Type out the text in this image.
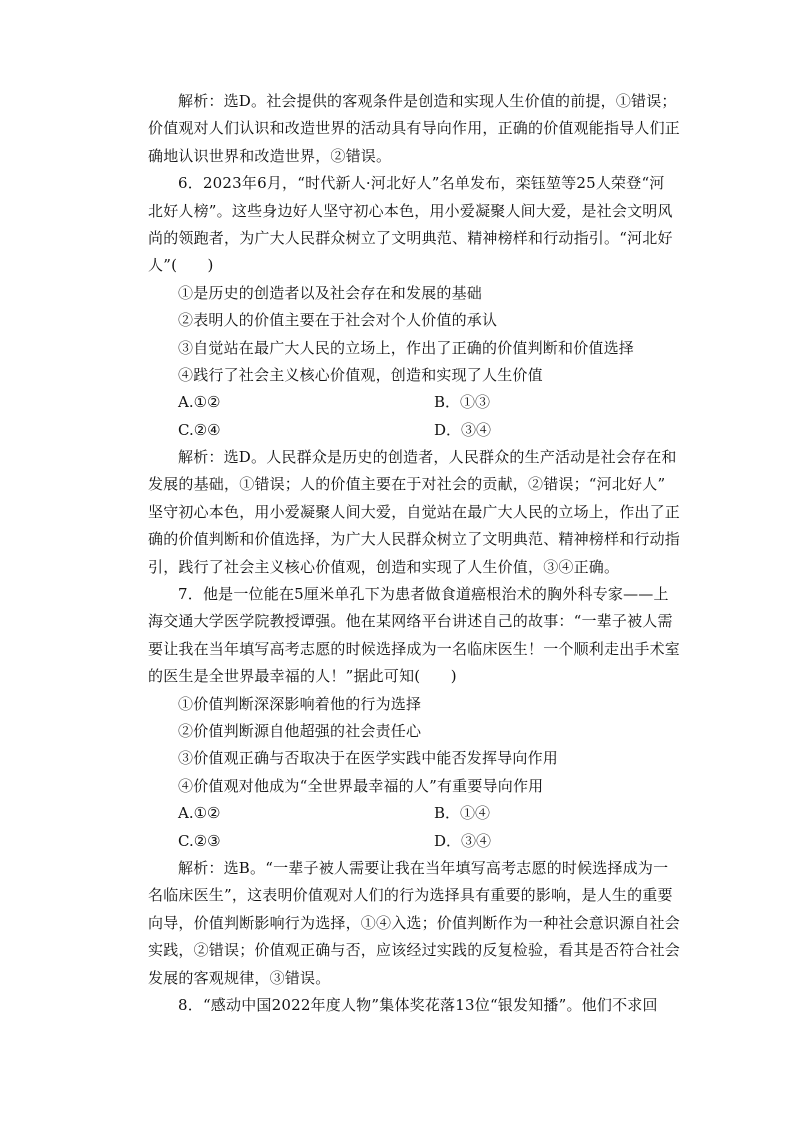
解析：选D。社会提供的客观条件是创造和实现人生价值的前提，①错误；
价值观对人们认识和改造世界的活动具有导向作用，正确的价值观能指导人们正
确地认识世界和改造世界，②错误。
6．2023年6月，“时代新人·河北好人”名单发布，栾钰堃等25人荣登“河
北好人榜”。这些身边好人坚守初心本色，用小爱凝聚人间大爱，是社会文明风
尚的领跑者，为广大人民群众树立了文明典范、精神榜样和行动指引。“河北好
人”(　　)
①是历史的创造者以及社会存在和发展的基础
②表明人的价值主要在于社会对个人价值的承认
③自觉站在最广大人民的立场上，作出了正确的价值判断和价值选择
④践行了社会主义核心价值观，创造和实现了人生价值
A.①②	B．①③
C.②④	D．③④
解析：选D。人民群众是历史的创造者，人民群众的生产活动是社会存在和
发展的基础，①错误；人的价值主要在于对社会的贡献，②错误；“河北好人”
坚守初心本色，用小爱凝聚人间大爱，自觉站在最广大人民的立场上，作出了正
确的价值判断和价值选择，为广大人民群众树立了文明典范、精神榜样和行动指
引，践行了社会主义核心价值观，创造和实现了人生价值，③④正确。
7．他是一位能在5厘米单孔下为患者做食道癌根治术的胸外科专家——上
海交通大学医学院教授谭强。他在某网络平台讲述自己的故事：“一辈子被人需
要让我在当年填写高考志愿的时候选择成为一名临床医生！一个顺利走出手术室
的医生是全世界最幸福的人！”据此可知(　　)
①价值判断深深影响着他的行为选择
②价值判断源自他超强的社会责任心
③价值观正确与否取决于在医学实践中能否发挥导向作用
④价值观对他成为“全世界最幸福的人”有重要导向作用
A.①②	B．①④
C.②③	D．③④
解析：选B。“一辈子被人需要让我在当年填写高考志愿的时候选择成为一
名临床医生”，这表明价值观对人们的行为选择具有重要的影响，是人生的重要
向导，价值判断影响行为选择，①④入选；价值判断作为一种社会意识源自社会
实践，②错误；价值观正确与否，应该经过实践的反复检验，看其是否符合社会
发展的客观规律，③错误。
8．“感动中国2022年度人物”集体奖花落13位“银发知播”。他们不求回
